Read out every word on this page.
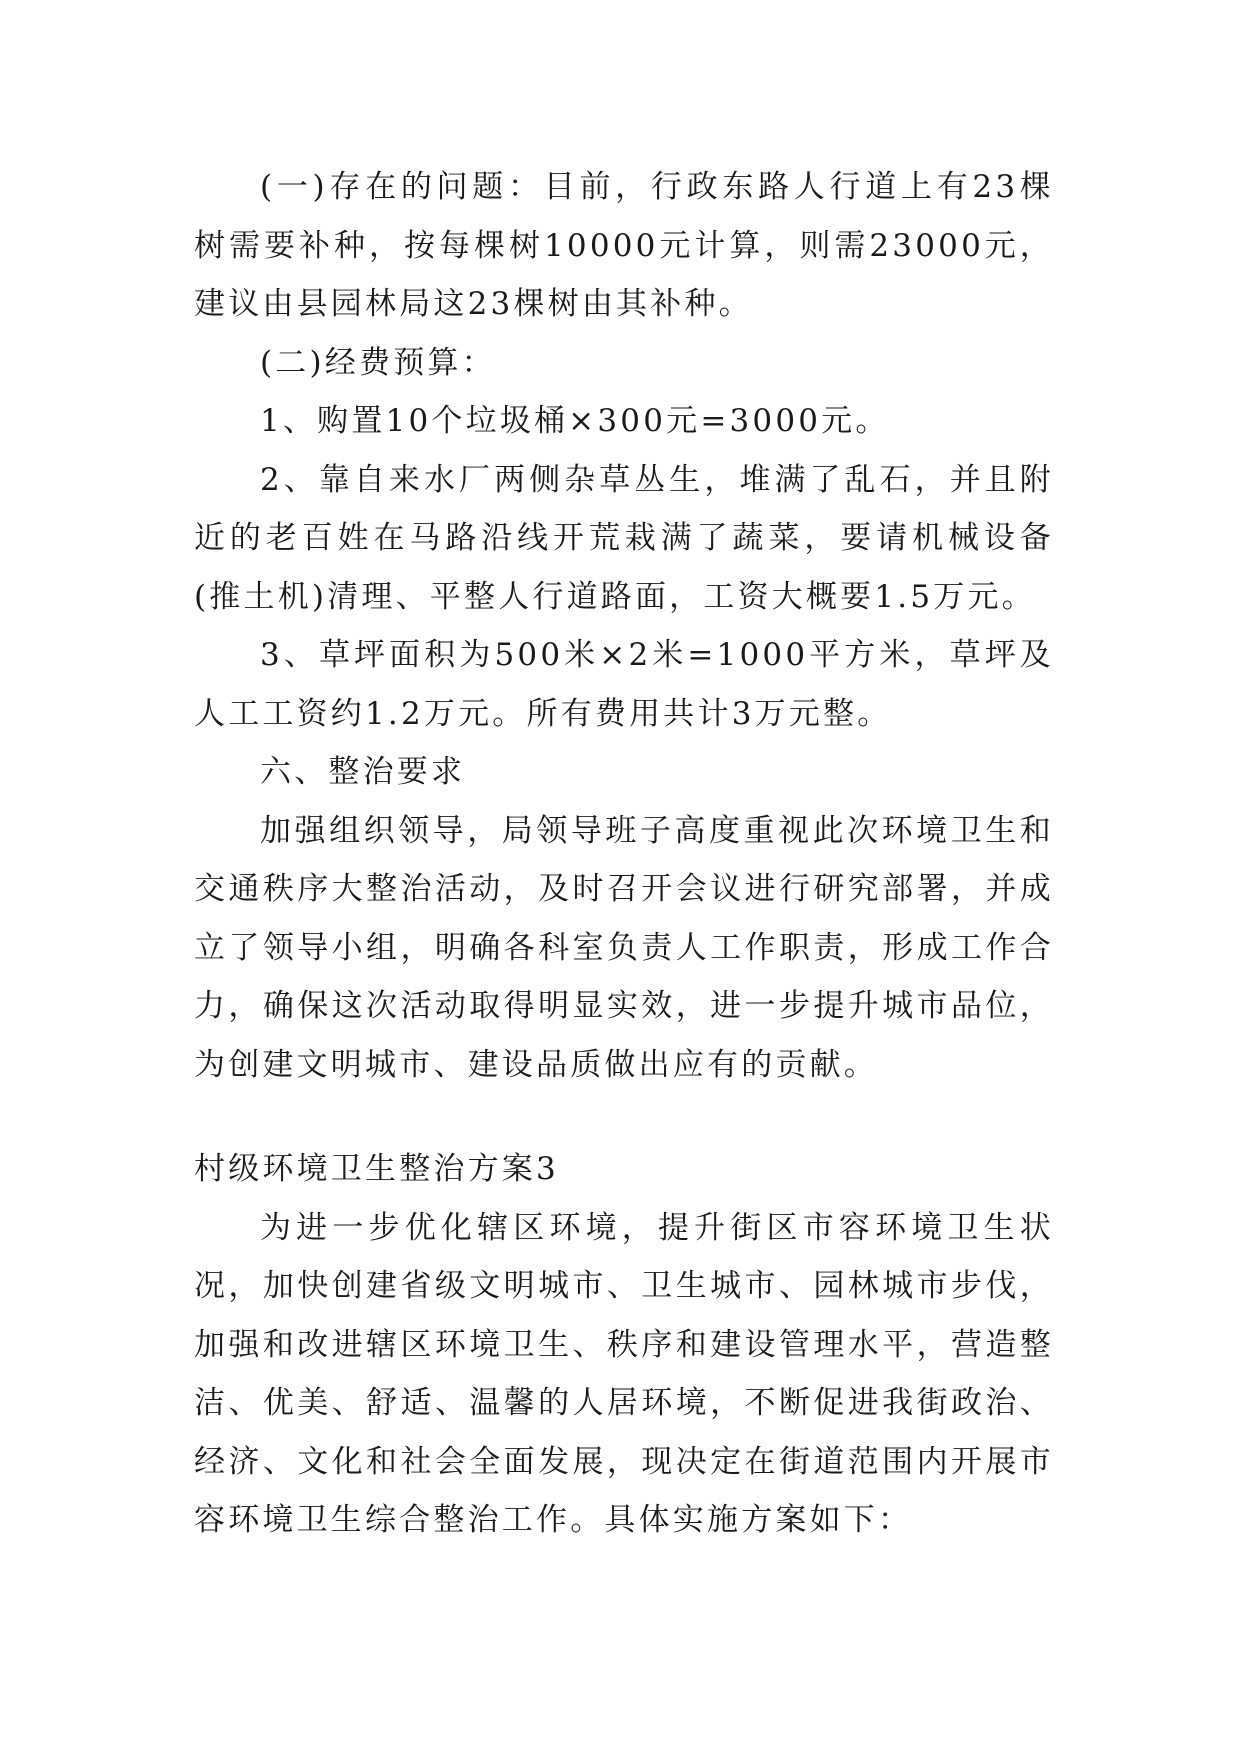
(一)存在的问题：目前，行政东路人行道上有23棵树需要补种，按每棵树10000元计算，则需23000元，建议由县园林局这23棵树由其补种。

(二)经费预算：

1、购置10个垃圾桶×300元=3000元。

2、靠自来水厂两侧杂草丛生，堆满了乱石，并且附近的老百姓在马路沿线开荒栽满了蔬菜，要请机械设备(推土机)清理、平整人行道路面，工资大概要1.5万元。

3、草坪面积为500米×2米=1000平方米，草坪及人工工资约1.2万元。所有费用共计3万元整。

六、整治要求

加强组织领导，局领导班子高度重视此次环境卫生和交通秩序大整治活动，及时召开会议进行研究部署，并成立了领导小组，明确各科室负责人工作职责，形成工作合力，确保这次活动取得明显实效，进一步提升城市品位，为创建文明城市、建设品质做出应有的贡献。

村级环境卫生整治方案3

为进一步优化辖区环境，提升街区市容环境卫生状况，加快创建省级文明城市、卫生城市、园林城市步伐，加强和改进辖区环境卫生、秩序和建设管理水平，营造整洁、优美、舒适、温馨的人居环境，不断促进我街政治、经济、文化和社会全面发展，现决定在街道范围内开展市容环境卫生综合整治工作。具体实施方案如下：
